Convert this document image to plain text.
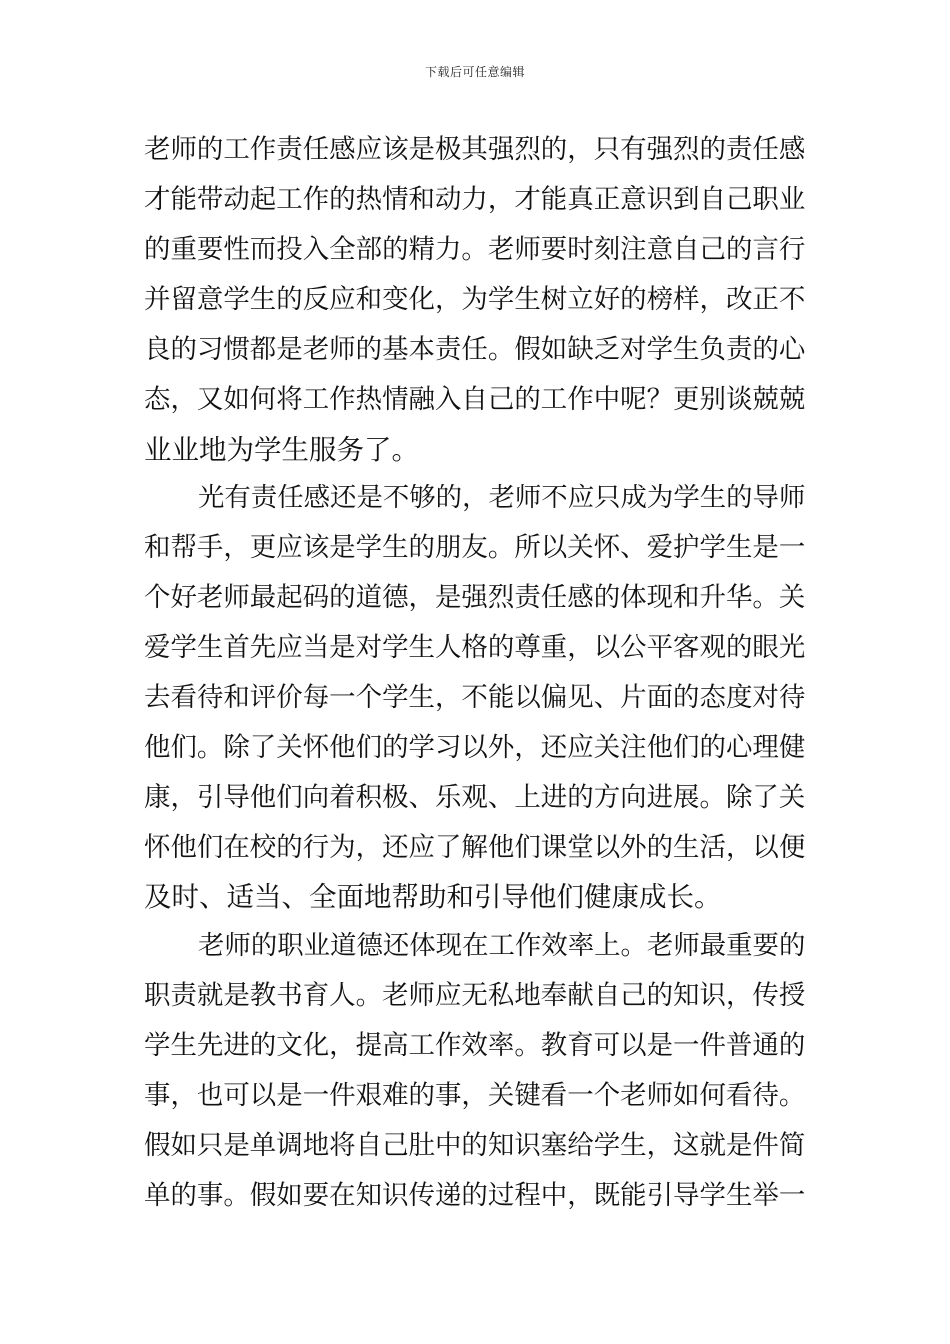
下载后可任意编辑
老师的工作责任感应该是极其强烈的，只有强烈的责任感
才能带动起工作的热情和动力，才能真正意识到自己职业
的重要性而投入全部的精力。老师要时刻注意自己的言行
并留意学生的反应和变化，为学生树立好的榜样，改正不
良的习惯都是老师的基本责任。假如缺乏对学生负责的心
态，又如何将工作热情融入自己的工作中呢？更别谈兢兢
业业地为学生服务了。
光有责任感还是不够的，老师不应只成为学生的导师
和帮手，更应该是学生的朋友。所以关怀、爱护学生是一
个好老师最起码的道德，是强烈责任感的体现和升华。关
爱学生首先应当是对学生人格的尊重，以公平客观的眼光
去看待和评价每一个学生，不能以偏见、片面的态度对待
他们。除了关怀他们的学习以外，还应关注他们的心理健
康，引导他们向着积极、乐观、上进的方向进展。除了关
怀他们在校的行为，还应了解他们课堂以外的生活，以便
及时、适当、全面地帮助和引导他们健康成长。
老师的职业道德还体现在工作效率上。老师最重要的
职责就是教书育人。老师应无私地奉献自己的知识，传授
学生先进的文化，提高工作效率。教育可以是一件普通的
事，也可以是一件艰难的事，关键看一个老师如何看待。
假如只是单调地将自己肚中的知识塞给学生，这就是件简
单的事。假如要在知识传递的过程中，既能引导学生举一
